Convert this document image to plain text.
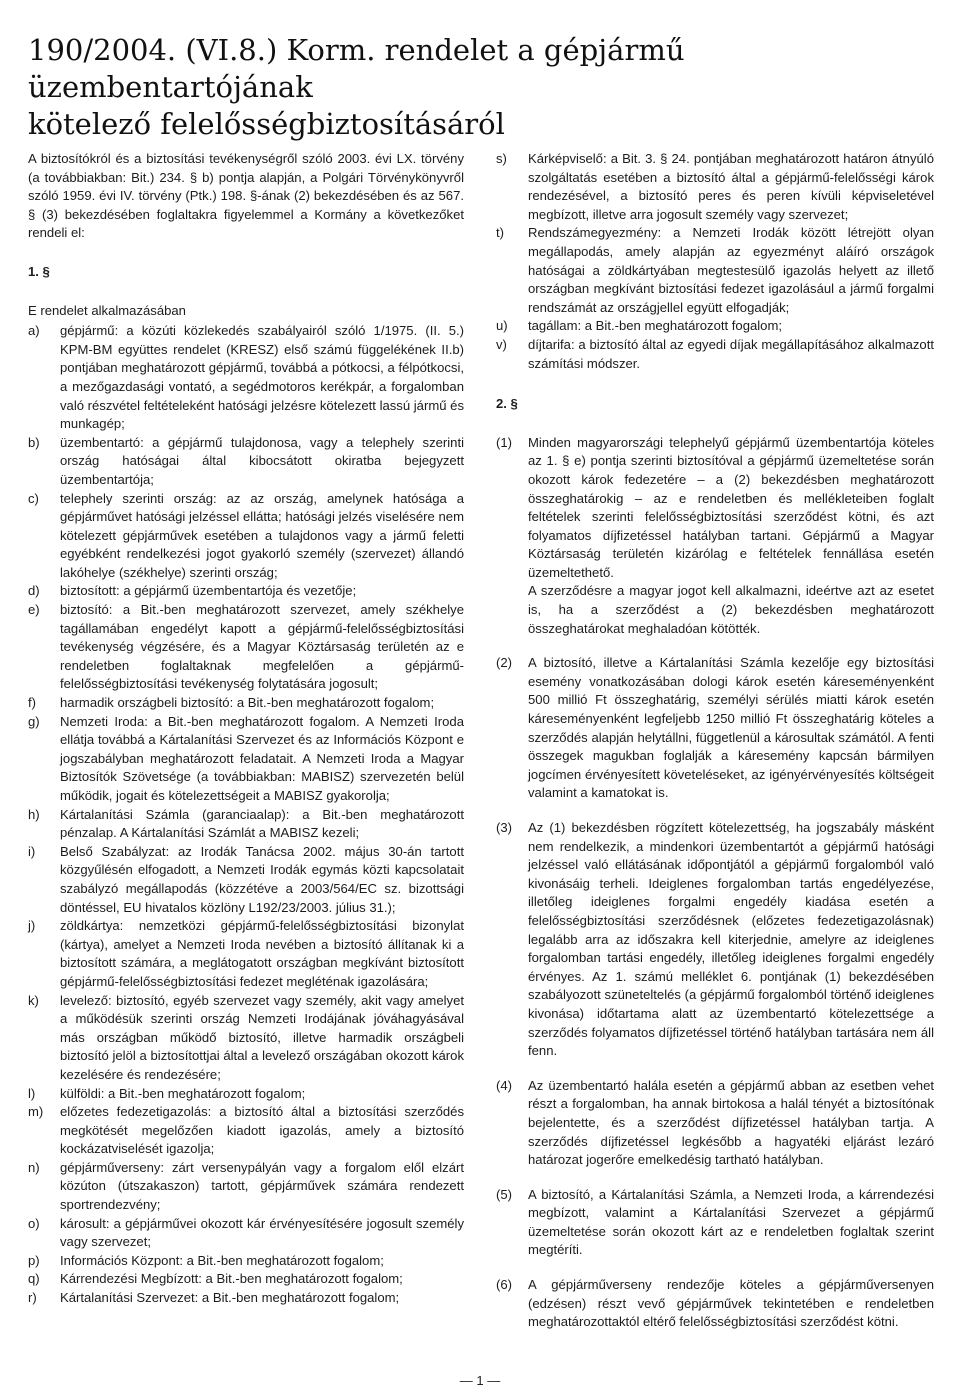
190/2004. (VI.8.) Korm. rendelet a gépjármű üzembentartójának
kötelező felelősségbiztosításáról

A biztosítókról és a biztosítási tevékenységről szóló 2003. évi LX. törvény (a továbbiakban: Bit.) 234. § b) pontja alapján, a Polgári Törvénykönyvről szóló 1959. évi IV. törvény (Ptk.) 198. §-ának (2) bekezdésében és az 567. § (3) bekezdésében foglaltakra figyelemmel a Kormány a következőket rendeli el:

1. §

E rendelet alkalmazásában

a)	gépjármű: a közúti közlekedés szabályairól szóló 1/1975. (II. 5.) KPM-BM együttes rendelet (KRESZ) első számú függelékének II.b) pontjában meghatározott gépjármű, továbbá a pótkocsi, a félpótkocsi, a mezőgazdasági vontató, a segédmotoros kerékpár, a forgalomban való részvétel feltételeként hatósági jelzésre kötelezett lassú jármű és munkagép;
b)	üzembentartó: a gépjármű tulajdonosa, vagy a telephely szerinti ország hatóságai által kibocsátott okiratba bejegyzett üzembentartója;
c)	telephely szerinti ország: az az ország, amelynek hatósága a gépjárművet hatósági jelzéssel ellátta; hatósági jelzés viselésére nem kötelezett gépjárművek esetében a tulajdonos vagy a jármű feletti egyébként rendelkezési jogot gyakorló személy (szervezet) állandó lakóhelye (székhelye) szerinti ország;
d)	biztosított: a gépjármű üzembentartója és vezetője;
e)	biztosító: a Bit.-ben meghatározott szervezet, amely székhelye tagállamában engedélyt kapott a gépjármű-felelősségbiztosítási tevékenység végzésére, és a Magyar Köztársaság területén az e rendeletben foglaltaknak megfelelően a gépjármű-felelősségbiztosítási tevékenység folytatására jogosult;
f)	harmadik országbeli biztosító: a Bit.-ben meghatározott fogalom;
g)	Nemzeti Iroda: a Bit.-ben meghatározott fogalom. A Nemzeti Iroda ellátja továbbá a Kártalanítási Szervezet és az Információs Központ e jogszabályban meghatározott feladatait. A Nemzeti Iroda a Magyar Biztosítók Szövetsége (a továbbiakban: MABISZ) szervezetén belül működik, jogait és kötelezettségeit a MABISZ gyakorolja;
h)	Kártalanítási Számla (garanciaalap): a Bit.-ben meghatározott pénzalap. A Kártalanítási Számlát a MABISZ kezeli;
i)	Belső Szabályzat: az Irodák Tanácsa 2002. május 30-án tartott közgyűlésén elfogadott, a Nemzeti Irodák egymás közti kapcsolatait szabályzó megállapodás (közzétéve a 2003/564/EC sz. bizottsági döntéssel, EU hivatalos közlöny L192/23/2003. július 31.);
j)	zöldkártya: nemzetközi gépjármű-felelősségbiztosítási bizonylat (kártya), amelyet a Nemzeti Iroda nevében a biztosító állítanak ki a biztosított számára, a meglátogatott országban megkívánt biztosított gépjármű-felelősségbiztosítási fedezet megléténak igazolására;
k)	levelező: biztosító, egyéb szervezet vagy személy, akit vagy amelyet a működésük szerinti ország Nemzeti Irodájának jóváhagyásával más országban működő biztosító, illetve harmadik országbeli biztosító jelöl a biztosítottjai által a levelező országában okozott károk kezelésére és rendezésére;
l)	külföldi: a Bit.-ben meghatározott fogalom;
m)	előzetes fedezetigazolás: a biztosító által a biztosítási szerződés megkötését megelőzően kiadott igazolás, amely a biztosító kockázatviselését igazolja;
n)	gépjárműverseny: zárt versenypályán vagy a forgalom elől elzárt közúton (útszakaszon) tartott, gépjárművek számára rendezett sportrendezvény;
o)	károsult: a gépjárművei okozott kár érvényesítésére jogosult személy vagy szervezet;
p)	Információs Központ: a Bit.-ben meghatározott fogalom;
q)	Kárrendezési Megbízott: a Bit.-ben meghatározott fogalom;
r)	Kártalanítási Szervezet: a Bit.-ben meghatározott fogalom;
s)	Kárképviselő: a Bit. 3. § 24. pontjában meghatározott határon átnyúló szolgáltatás esetében a biztosító által a gépjármű-felelősségi károk rendezésével, a biztosító peres és peren kívüli képviseletével megbízott, illetve arra jogosult személy vagy szervezet;
t)	Rendszámegyezmény: a Nemzeti Irodák között létrejött olyan megállapodás, amely alapján az egyezményt aláíró országok hatóságai a zöldkártyában megtestesülő igazolás helyett az illető országban megkívánt biztosítási fedezet igazolásául a jármű forgalmi rendszámát az országjellel együtt elfogadják;
u)	tagállam: a Bit.-ben meghatározott fogalom;
v)	díjtarifa: a biztosító által az egyedi díjak megállapításához alkalmazott számítási módszer.

2. §

(1)	Minden magyarországi telephelyű gépjármű üzembentartója köteles az 1. § e) pontja szerinti biztosítóval a gépjármű üzemeltetése során okozott károk fedezetére – a (2) bekezdésben meghatározott összeghatárokig – az e rendeletben és mellékleteiben foglalt feltételek szerinti felelősségbiztosítási szerződést kötni, és azt folyamatos díjfizetéssel hatályban tartani. Gépjármű a Magyar Köztársaság területén kizárólag e feltételek fennállása esetén üzemeltethető.

A szerződésre a magyar jogot kell alkalmazni, ideértve azt az esetet is, ha a szerződést a (2) bekezdésben meghatározott összeghatárokat meghaladóan kötötték.

(2)	A biztosító, illetve a Kártalanítási Számla kezelője egy biztosítási esemény vonatkozásában dologi károk esetén káreseményenként 500 millió Ft összeghatárig, személyi sérülés miatti károk esetén káreseményenként legfeljebb 1250 millió Ft összeghatárig köteles a szerződés alapján helytállni, függetlenül a károsultak számától. A fenti összegek magukban foglalják a káresemény kapcsán bármilyen jogcímen érvényesített követeléseket, az igényérvényesítés költségeit valamint a kamatokat is.

(3)	Az (1) bekezdésben rögzített kötelezettség, ha jogszabály másként nem rendelkezik, a mindenkori üzembentartót a gépjármű hatósági jelzéssel való ellátásának időpontjától a gépjármű forgalomból való kivonásáig terheli. Ideiglenes forgalomban tartás engedélyezése, illetőleg ideiglenes forgalmi engedély kiadása esetén a felelősségbiztosítási szerződésnek (előzetes fedezetigazolásnak) legalább arra az időszakra kell kiterjednie, amelyre az ideiglenes forgalomban tartási engedély, illetőleg ideiglenes forgalmi engedély érvényes. Az 1. számú melléklet 6. pontjának (1) bekezdésében szabályozott szüneteltelés (a gépjármű forgalomból történő ideiglenes kivonása) időtartama alatt az üzembentartó kötelezettsége a szerződés folyamatos díjfizetéssel történő hatályban tartására nem áll fenn.

(4)	Az üzembentartó halála esetén a gépjármű abban az esetben vehet részt a forgalomban, ha annak birtokosa a halál tényét a biztosítónak bejelentette, és a szerződést díjfizetéssel hatályban tartja. A szerződés díjfizetéssel legkésőbb a hagyatéki eljárást lezáró határozat jogerőre emelkedésig tartható hatályban.

(5)	A biztosító, a Kártalanítási Számla, a Nemzeti Iroda, a kárrendezési megbízott, valamint a Kártalanítási Szervezet a gépjármű üzemeltetése során okozott kárt az e rendeletben foglaltak szerint megtéríti.

(6)	A gépjárműverseny rendezője köteles a gépjárműversenyen (edzésen) részt vevő gépjárművek tekintetében e rendeletben meghatározottaktól eltérő felelősségbiztosítási szerződést kötni.

— 1 —
